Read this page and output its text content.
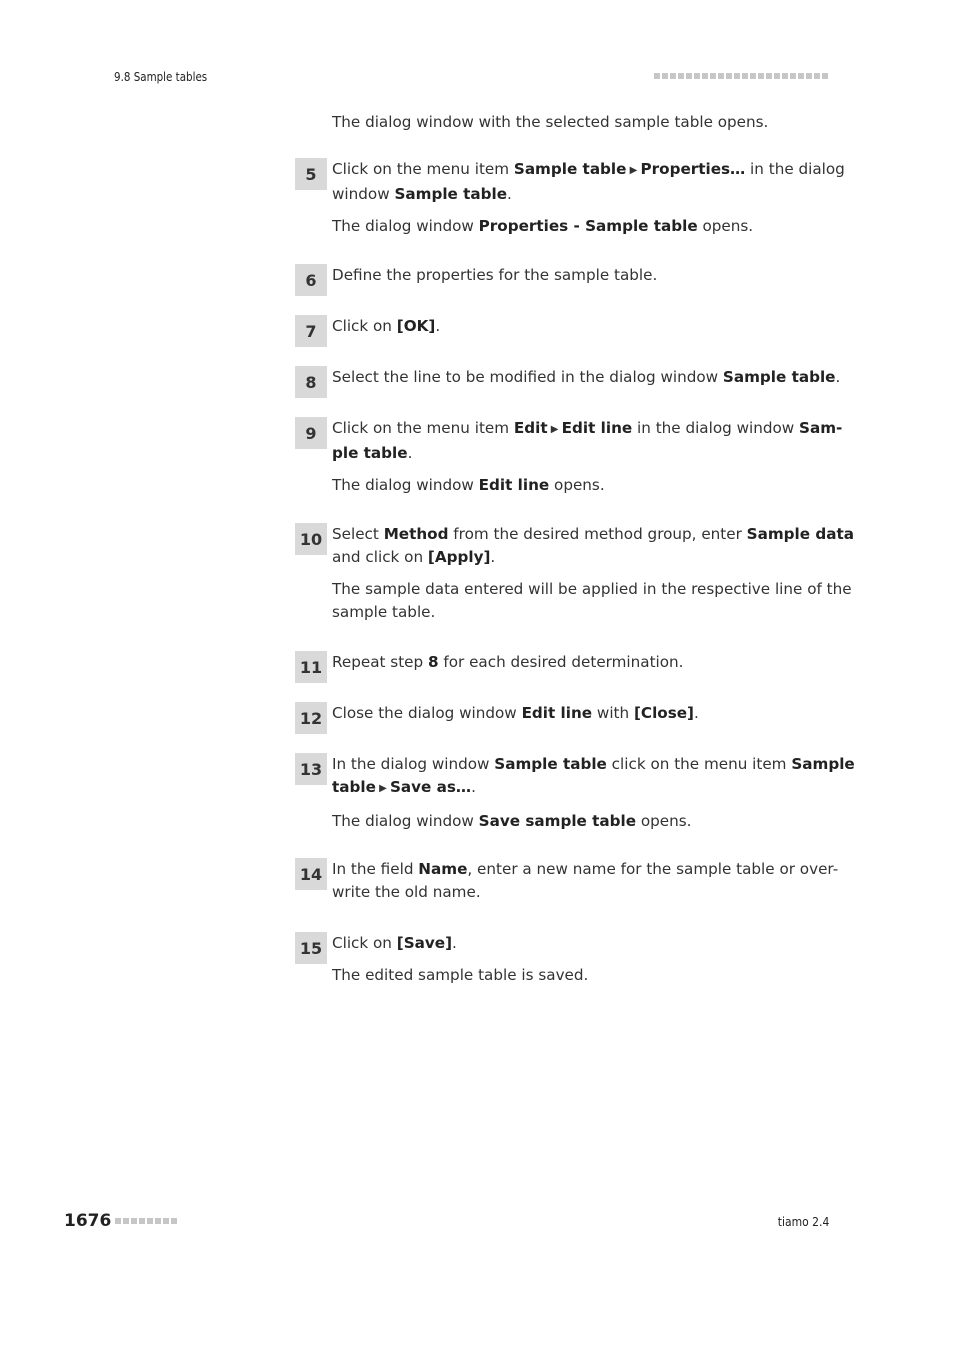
9.8 Sample tables

The dialog window with the selected sample table opens.

5	Click on the menu item Sample table ▶ Properties… in the dialog

window Sample table.

The dialog window Properties - Sample table opens.

6	Define the properties for the sample table.

7	Click on [OK].

8	Select the line to be modified in the dialog window Sample table.

9	Click on the menu item Edit ▶ Edit line in the dialog window Sam-

ple table.

The dialog window Edit line opens.

10 Select Method from the desired method group, enter Sample data

and click on [Apply].

The sample data entered will be applied in the respective line of the

sample table.

11 Repeat step 8 for each desired determination.

12 Close the dialog window Edit line with [Close].

13 In the dialog window Sample table click on the menu item Sample

table ▶ Save as….

The dialog window Save sample table opens.

14 In the field Name, enter a new name for the sample table or over-

write the old name.

15 Click on [Save].

The edited sample table is saved.

1676	tiamo 2.4
